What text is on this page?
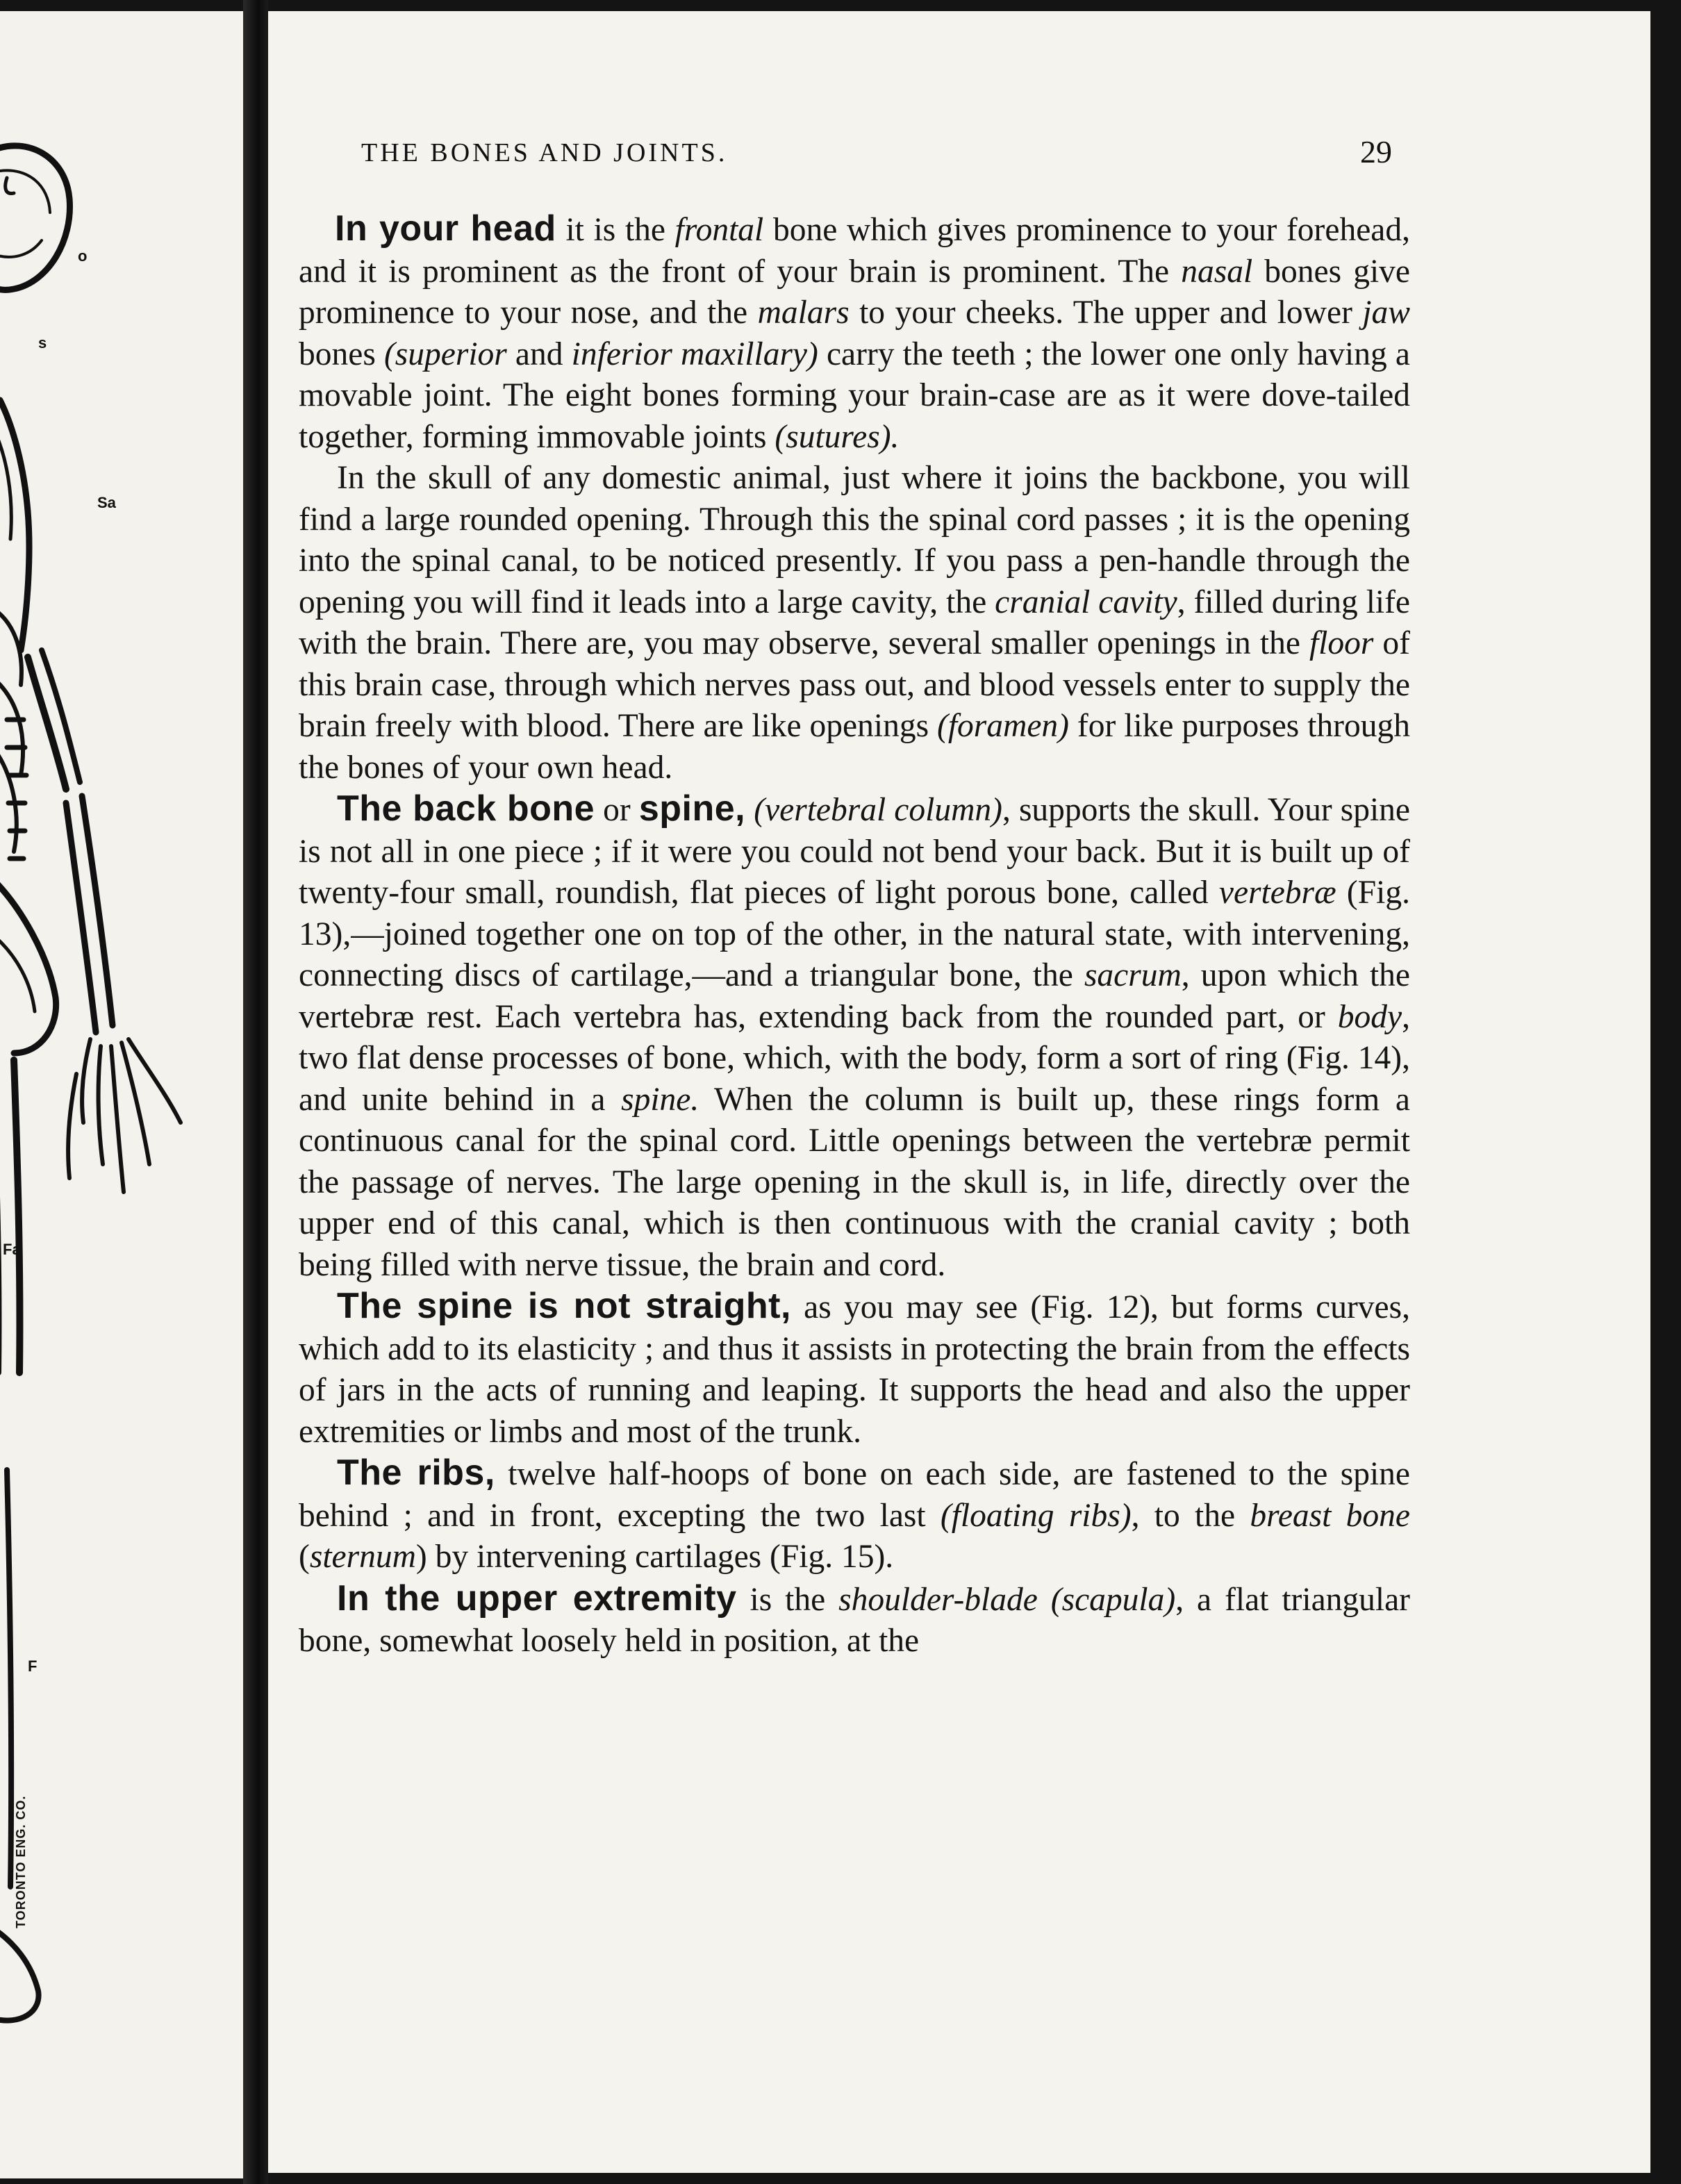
o
s
Sa
Fa
F
TORONTO ENG. CO.
THE BONES AND JOINTS.	29

In your head it is the frontal bone which gives prominence to your forehead, and it is prominent as the front of your brain is prominent. The nasal bones give prominence to your nose, and the malars to your cheeks. The upper and lower jaw bones (superior and inferior maxillary) carry the teeth ; the lower one only having a movable joint. The eight bones forming your brain-case are as it were dove-tailed together, forming immovable joints (sutures).

In the skull of any domestic animal, just where it joins the backbone, you will find a large rounded opening. Through this the spinal cord passes ; it is the opening into the spinal canal, to be noticed presently. If you pass a pen-handle through the opening you will find it leads into a large cavity, the cranial cavity, filled during life with the brain. There are, you may observe, several smaller openings in the floor of this brain case, through which nerves pass out, and blood vessels enter to supply the brain freely with blood. There are like openings (foramen) for like purposes through the bones of your own head.

The back bone or spine, (vertebral column), supports the skull. Your spine is not all in one piece ; if it were you could not bend your back. But it is built up of twenty-four small, roundish, flat pieces of light porous bone, called vertebræ (Fig. 13),—joined together one on top of the other, in the natural state, with intervening, connecting discs of cartilage,—and a triangular bone, the sacrum, upon which the vertebræ rest. Each vertebra has, extending back from the rounded part, or body, two flat dense processes of bone, which, with the body, form a sort of ring (Fig. 14), and unite behind in a spine. When the column is built up, these rings form a continuous canal for the spinal cord. Little openings between the vertebræ permit the passage of nerves. The large opening in the skull is, in life, directly over the upper end of this canal, which is then continuous with the cranial cavity ; both being filled with nerve tissue, the brain and cord.

The spine is not straight, as you may see (Fig. 12), but forms curves, which add to its elasticity ; and thus it assists in protecting the brain from the effects of jars in the acts of running and leaping. It supports the head and also the upper extremities or limbs and most of the trunk.

The ribs, twelve half-hoops of bone on each side, are fastened to the spine behind ; and in front, excepting the two last (floating ribs), to the breast bone (sternum) by intervening cartilages (Fig. 15).

In the upper extremity is the shoulder-blade (scapula), a flat triangular bone, somewhat loosely held in position, at the
